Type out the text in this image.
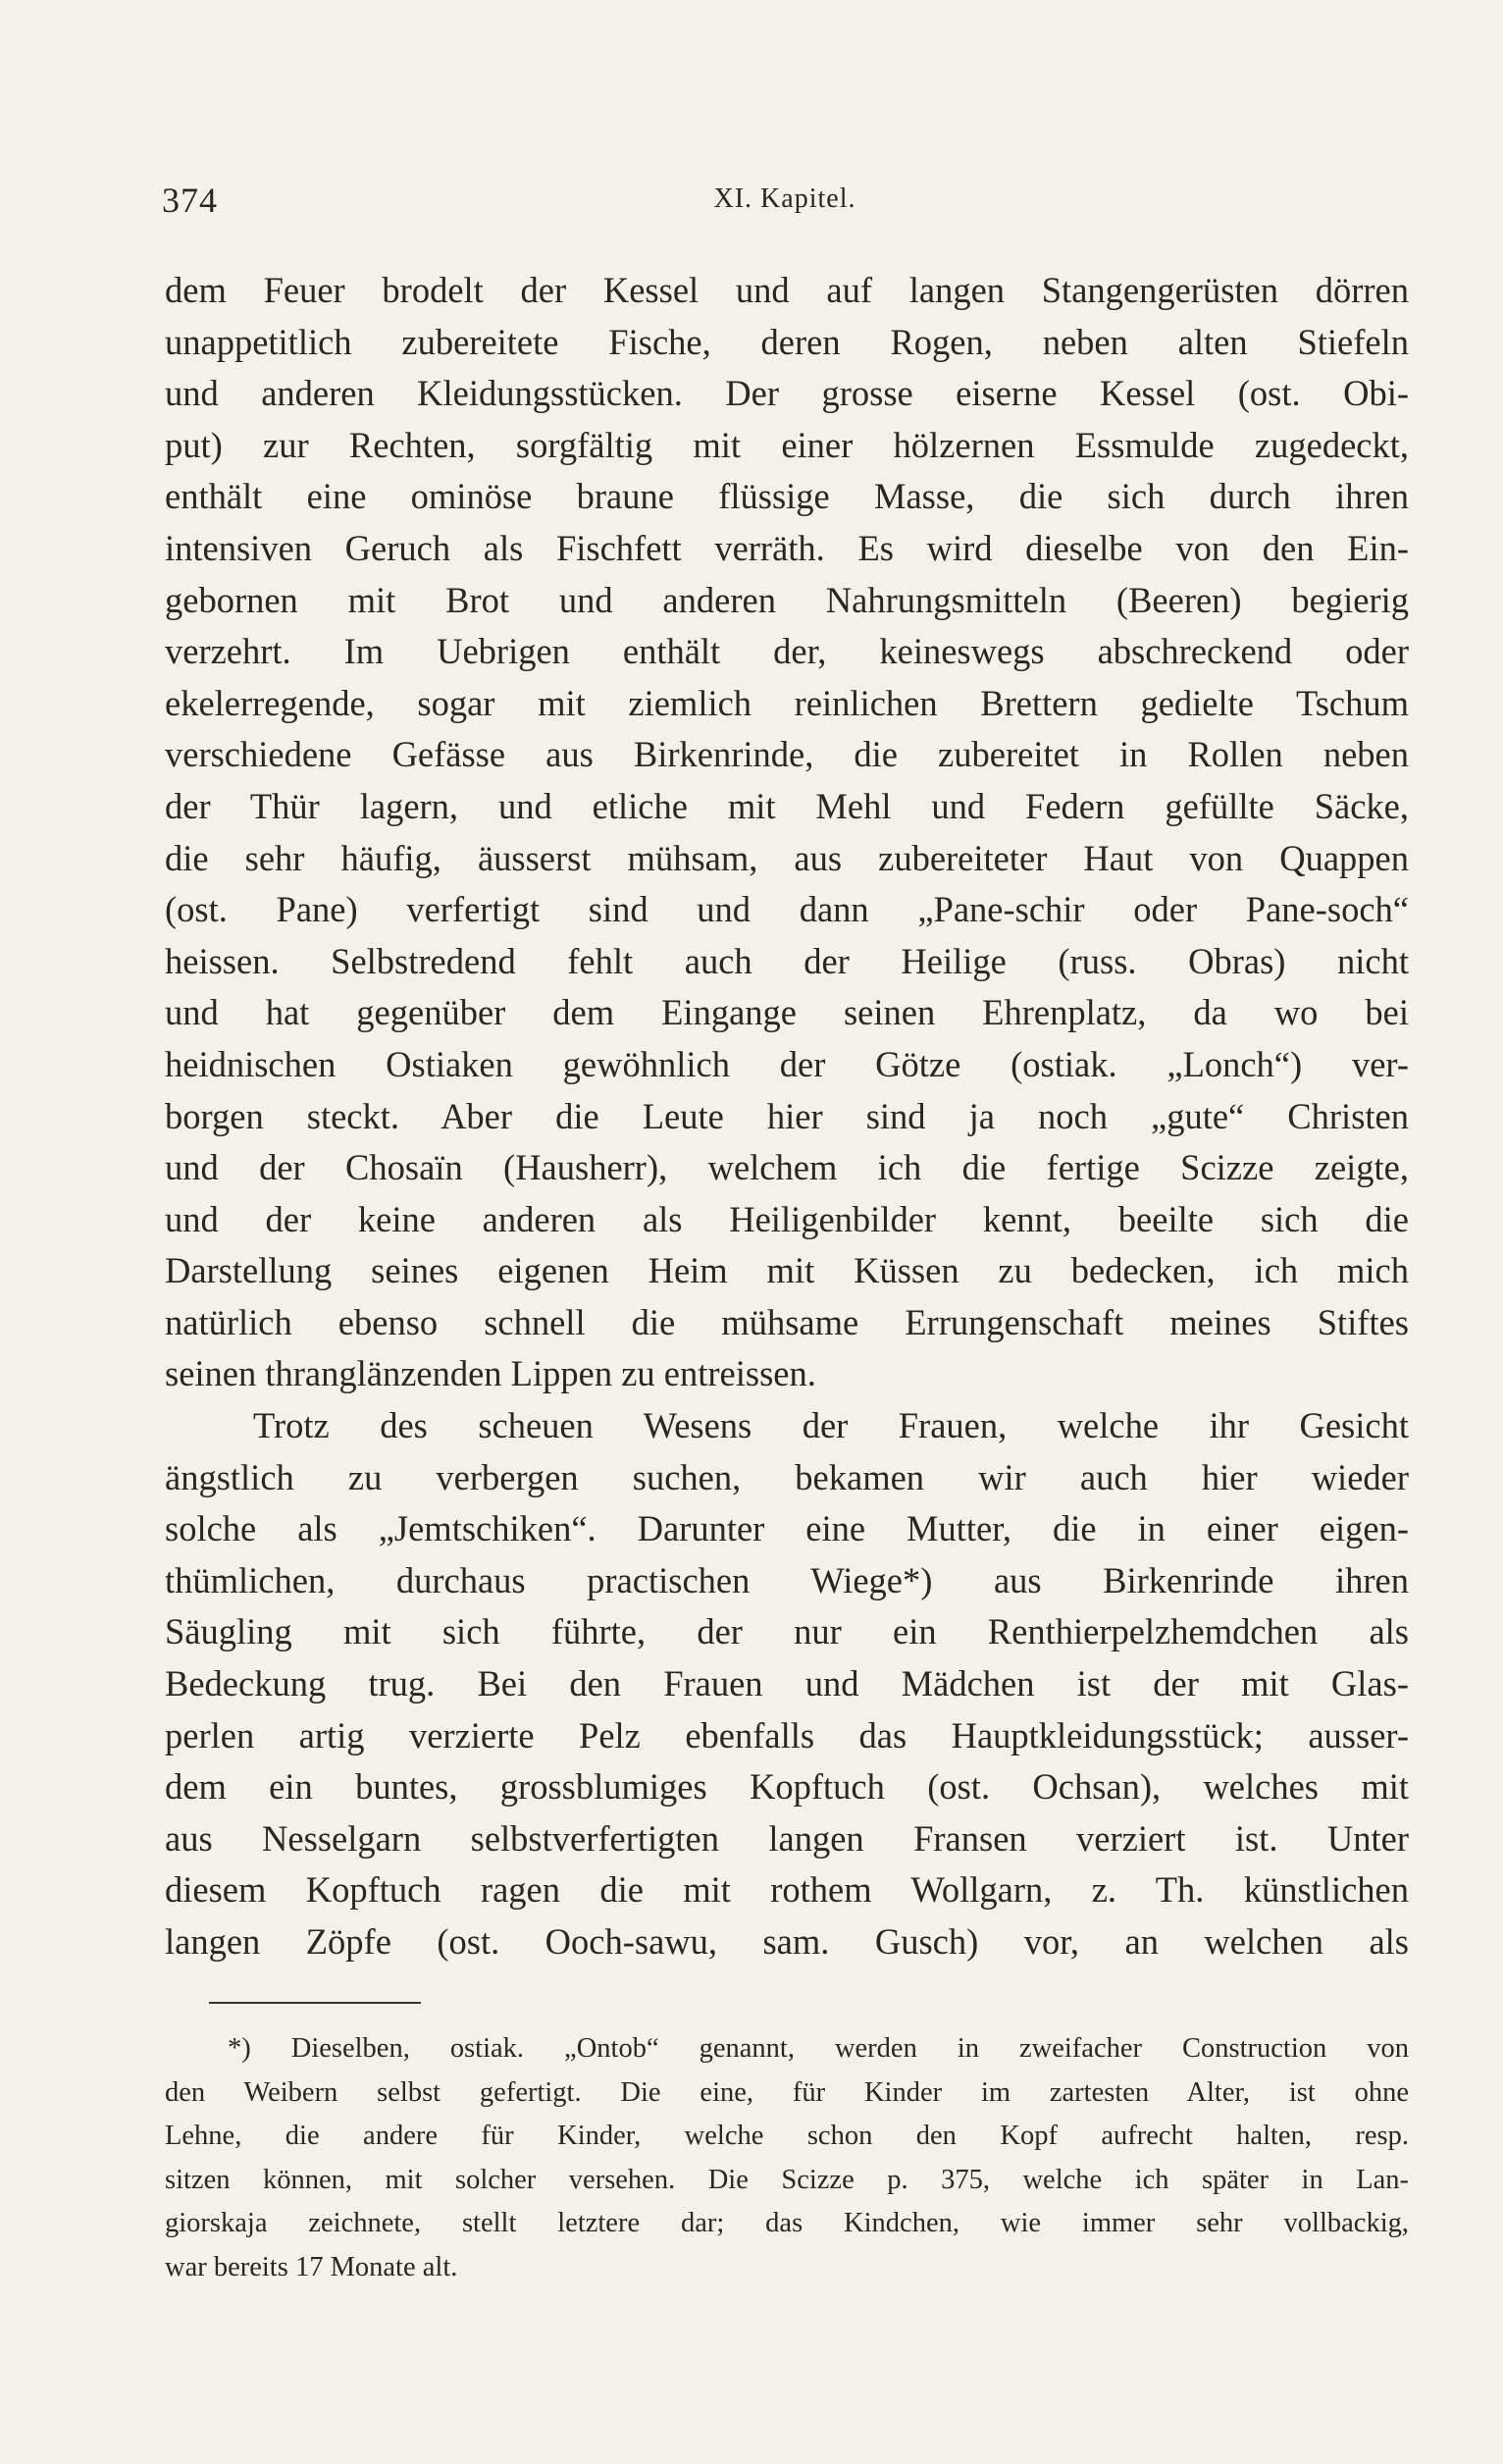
374	XI. Kapitel.
dem Feuer brodelt der Kessel und auf langen Stangengerüsten dörren
unappetitlich zubereitete Fische, deren Rogen, neben alten Stiefeln
und anderen Kleidungsstücken. Der grosse eiserne Kessel (ost. Obi-
put) zur Rechten, sorgfältig mit einer hölzernen Essmulde zugedeckt,
enthält eine ominöse braune flüssige Masse, die sich durch ihren
intensiven Geruch als Fischfett verräth. Es wird dieselbe von den Ein-
gebornen mit Brot und anderen Nahrungsmitteln (Beeren) begierig
verzehrt. Im Uebrigen enthält der, keineswegs abschreckend oder
ekelerregende, sogar mit ziemlich reinlichen Brettern gedielte Tschum
verschiedene Gefässe aus Birkenrinde, die zubereitet in Rollen neben
der Thür lagern, und etliche mit Mehl und Federn gefüllte Säcke,
die sehr häufig, äusserst mühsam, aus zubereiteter Haut von Quappen
(ost. Pane) verfertigt sind und dann „Pane-schir oder Pane-soch“
heissen. Selbstredend fehlt auch der Heilige (russ. Obras) nicht
und hat gegenüber dem Eingange seinen Ehrenplatz, da wo bei
heidnischen Ostiaken gewöhnlich der Götze (ostiak. „Lonch“) ver-
borgen steckt. Aber die Leute hier sind ja noch „gute“ Christen
und der Chosaïn (Hausherr), welchem ich die fertige Scizze zeigte,
und der keine anderen als Heiligenbilder kennt, beeilte sich die
Darstellung seines eigenen Heim mit Küssen zu bedecken, ich mich
natürlich ebenso schnell die mühsame Errungenschaft meines Stiftes
seinen thranglänzenden Lippen zu entreissen.
Trotz des scheuen Wesens der Frauen, welche ihr Gesicht
ängstlich zu verbergen suchen, bekamen wir auch hier wieder
solche als „Jemtschiken“. Darunter eine Mutter, die in einer eigen-
thümlichen, durchaus practischen Wiege*) aus Birkenrinde ihren
Säugling mit sich führte, der nur ein Renthierpelzhemdchen als
Bedeckung trug. Bei den Frauen und Mädchen ist der mit Glas-
perlen artig verzierte Pelz ebenfalls das Hauptkleidungsstück; ausser-
dem ein buntes, grossblumiges Kopftuch (ost. Ochsan), welches mit
aus Nesselgarn selbstverfertigten langen Fransen verziert ist. Unter
diesem Kopftuch ragen die mit rothem Wollgarn, z. Th. künstlichen
langen Zöpfe (ost. Ooch-sawu, sam. Gusch) vor, an welchen als
*) Dieselben, ostiak. „Ontob“ genannt, werden in zweifacher Construction von
den Weibern selbst gefertigt. Die eine, für Kinder im zartesten Alter, ist ohne
Lehne, die andere für Kinder, welche schon den Kopf aufrecht halten, resp.
sitzen können, mit solcher versehen. Die Scizze p. 375, welche ich später in Lan-
giorskaja zeichnete, stellt letztere dar; das Kindchen, wie immer sehr vollbackig,
war bereits 17 Monate alt.
